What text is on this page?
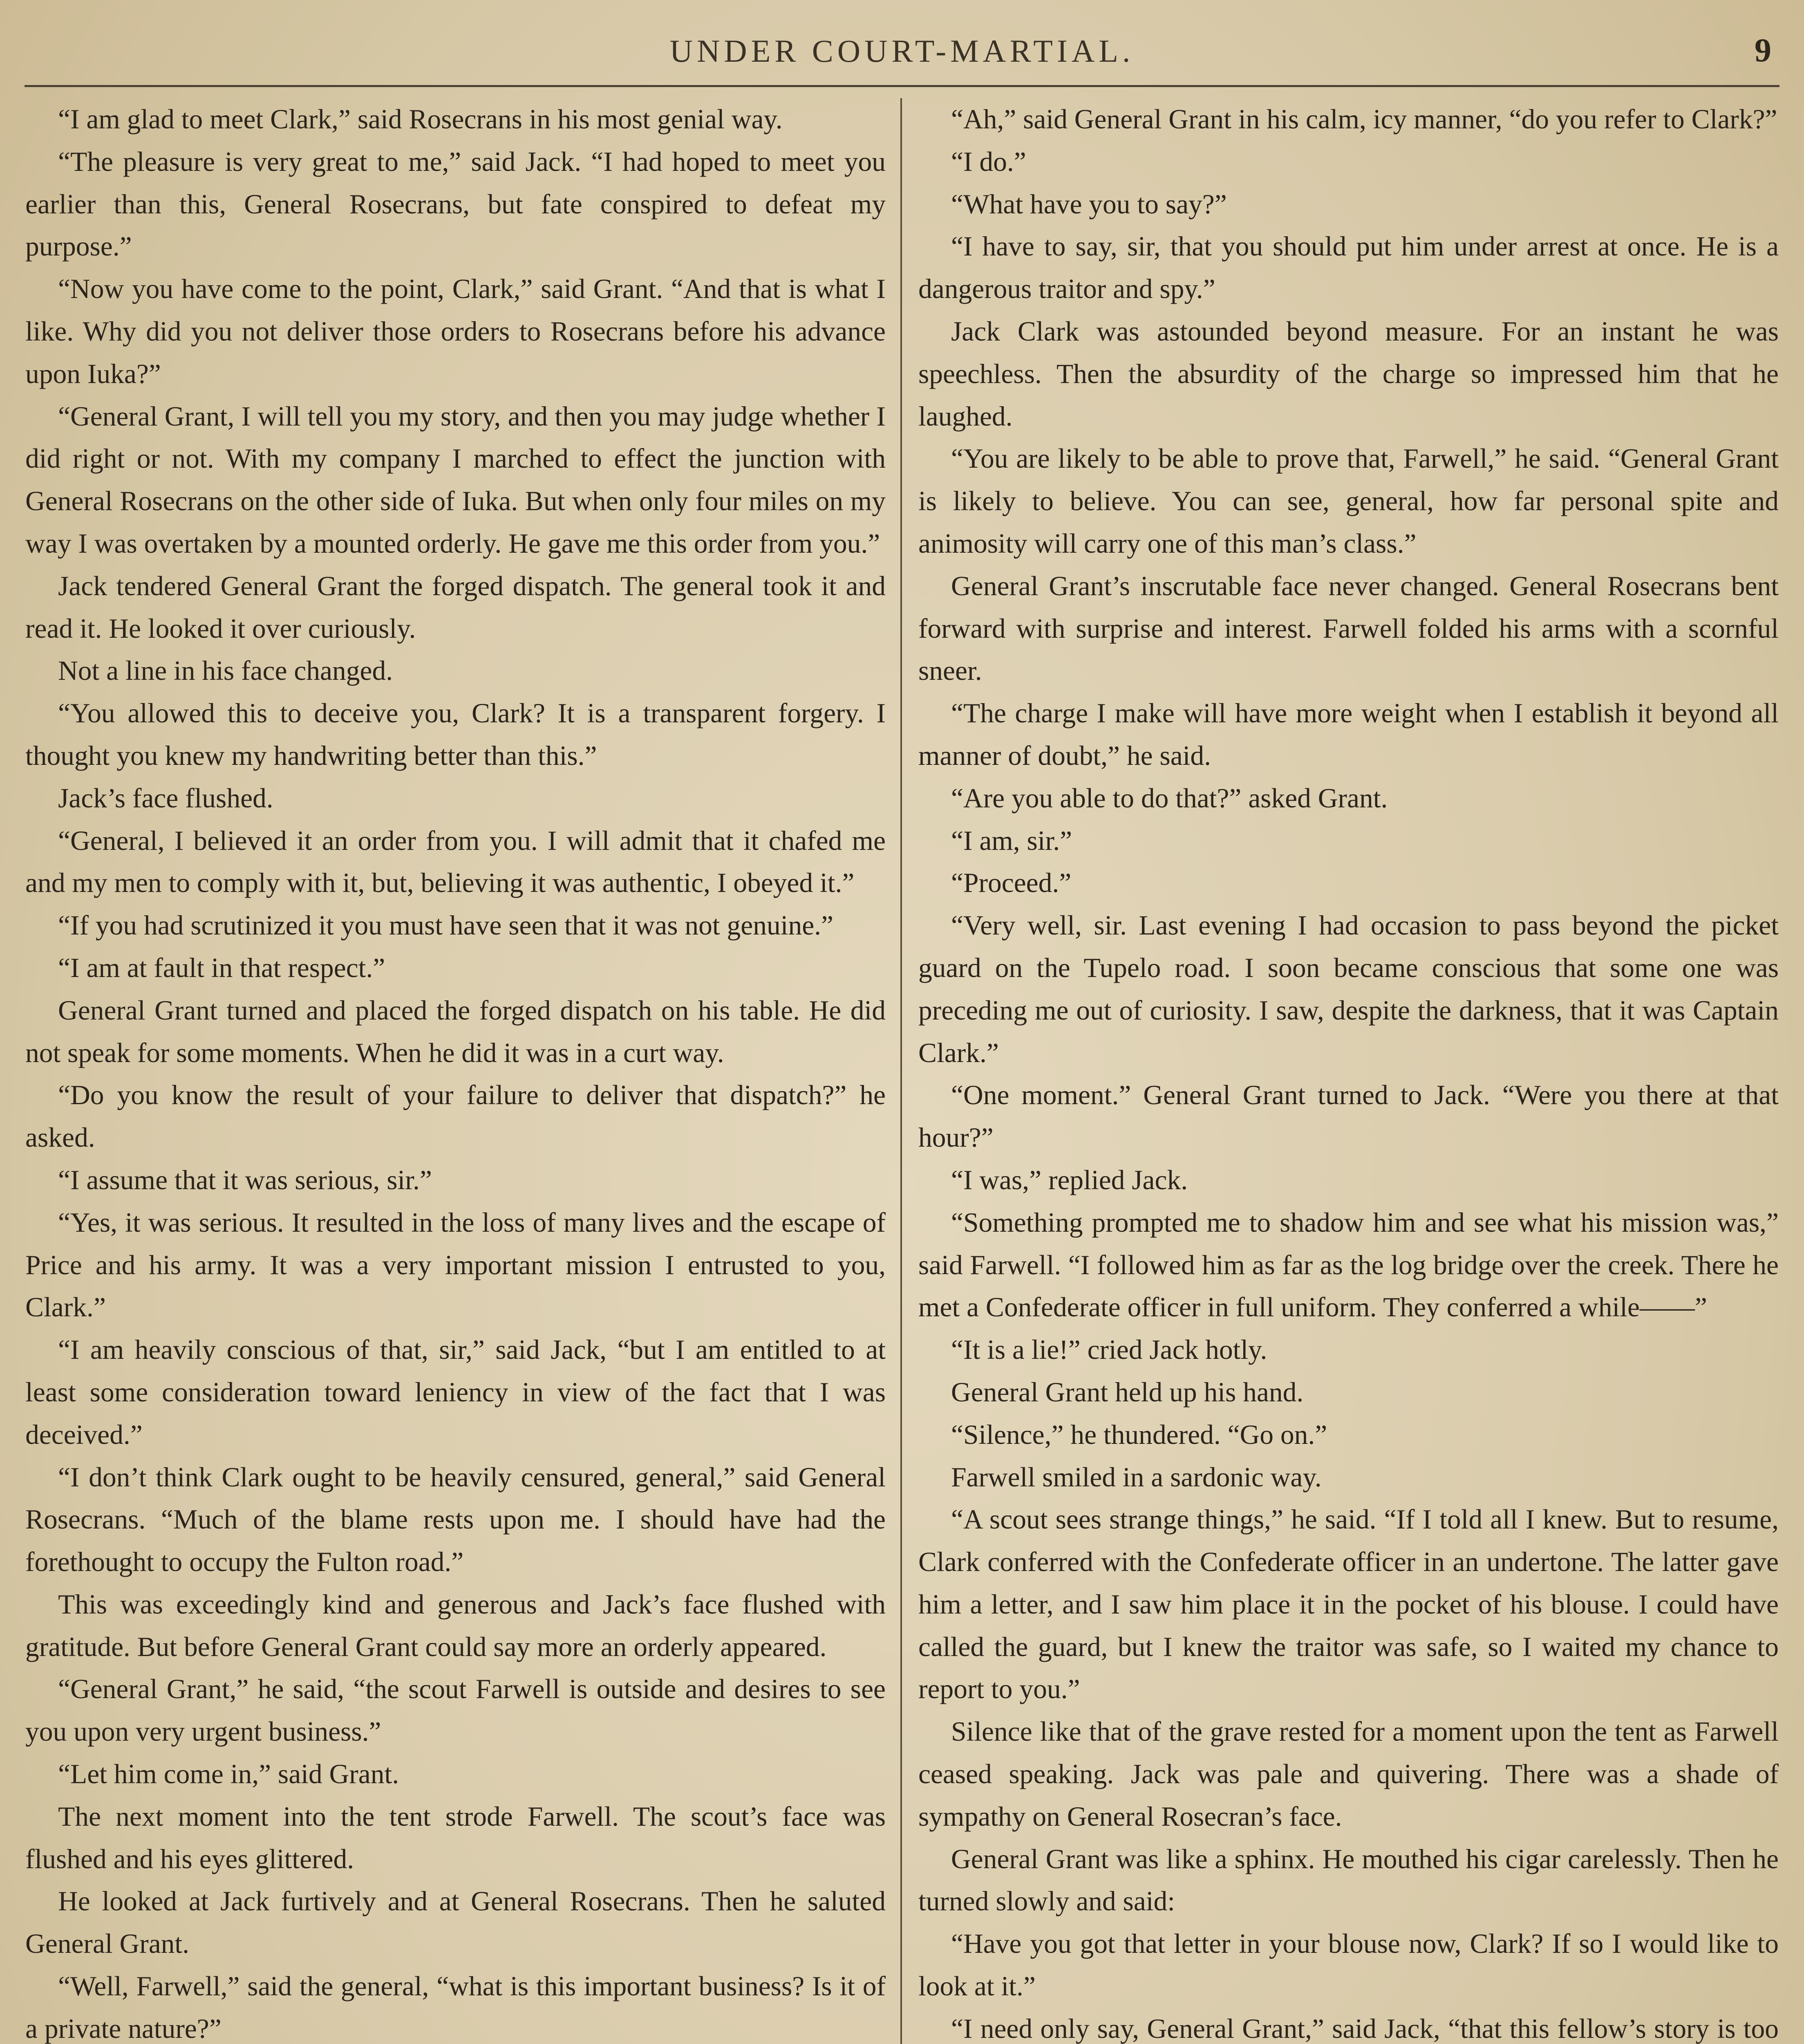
UNDER COURT-MARTIAL.	9

“I am glad to meet Clark,” said Rosecrans in his most genial way.

“The pleasure is very great to me,” said Jack. “I had hoped to meet you earlier than this, General Rosecrans, but fate conspired to defeat my purpose.”

“Now you have come to the point, Clark,” said Grant. “And that is what I like. Why did you not deliver those orders to Rosecrans before his advance upon Iuka?”

“General Grant, I will tell you my story, and then you may judge whether I did right or not. With my company I marched to effect the junction with General Rosecrans on the other side of Iuka. But when only four miles on my way I was overtaken by a mounted orderly. He gave me this order from you.”

Jack tendered General Grant the forged dispatch. The general took it and read it. He looked it over curiously.

Not a line in his face changed.

“You allowed this to deceive you, Clark? It is a transparent forgery. I thought you knew my handwriting better than this.”

Jack’s face flushed.

“General, I believed it an order from you. I will admit that it chafed me and my men to comply with it, but, believing it was authentic, I obeyed it.”

“If you had scrutinized it you must have seen that it was not genuine.”

“I am at fault in that respect.”

General Grant turned and placed the forged dispatch on his table. He did not speak for some moments. When he did it was in a curt way.

“Do you know the result of your failure to deliver that dispatch?” he asked.

“I assume that it was serious, sir.”

“Yes, it was serious. It resulted in the loss of many lives and the escape of Price and his army. It was a very important mission I entrusted to you, Clark.”

“I am heavily conscious of that, sir,” said Jack, “but I am entitled to at least some consideration toward leniency in view of the fact that I was deceived.”

“I don’t think Clark ought to be heavily censured, general,” said General Rosecrans. “Much of the blame rests upon me. I should have had the forethought to occupy the Fulton road.”

This was exceedingly kind and generous and Jack’s face flushed with gratitude. But before General Grant could say more an orderly appeared.

“General Grant,” he said, “the scout Farwell is outside and desires to see you upon very urgent business.”

“Let him come in,” said Grant.

The next moment into the tent strode Farwell. The scout’s face was flushed and his eyes glittered.

He looked at Jack furtively and at General Rosecrans. Then he saluted General Grant.

“Well, Farwell,” said the general, “what is this important business? Is it of a private nature?”

“Ah,” said General Grant in his calm, icy manner, “do you refer to Clark?”

“I do.”

“What have you to say?”

“I have to say, sir, that you should put him under arrest at once. He is a dangerous traitor and spy.”

Jack Clark was astounded beyond measure. For an instant he was speechless. Then the absurdity of the charge so impressed him that he laughed.

“You are likely to be able to prove that, Farwell,” he said. “General Grant is likely to believe. You can see, general, how far personal spite and animosity will carry one of this man’s class.”

General Grant’s inscrutable face never changed. General Rosecrans bent forward with surprise and interest. Farwell folded his arms with a scornful sneer.

“The charge I make will have more weight when I establish it beyond all manner of doubt,” he said.

“Are you able to do that?” asked Grant.

“I am, sir.”

“Proceed.”

“Very well, sir. Last evening I had occasion to pass beyond the picket guard on the Tupelo road. I soon became conscious that some one was preceding me out of curiosity. I saw, despite the darkness, that it was Captain Clark.”

“One moment.” General Grant turned to Jack. “Were you there at that hour?”

“I was,” replied Jack.

“Something prompted me to shadow him and see what his mission was,” said Farwell. “I followed him as far as the log bridge over the creek. There he met a Confederate officer in full uniform. They conferred a while——”

“It is a lie!” cried Jack hotly.

General Grant held up his hand.

“Silence,” he thundered. “Go on.”

Farwell smiled in a sardonic way.

“A scout sees strange things,” he said. “If I told all I knew. But to resume, Clark conferred with the Confederate officer in an undertone. The latter gave him a letter, and I saw him place it in the pocket of his blouse. I could have called the guard, but I knew the traitor was safe, so I waited my chance to report to you.”

Silence like that of the grave rested for a moment upon the tent as Farwell ceased speaking. Jack was pale and quivering. There was a shade of sympathy on General Rosecran’s face.

General Grant was like a sphinx. He mouthed his cigar carelessly. Then he turned slowly and said:

“Have you got that letter in your blouse now, Clark? If so I would like to look at it.”

“I need only say, General Grant,” said Jack, “that this fellow’s story is too
